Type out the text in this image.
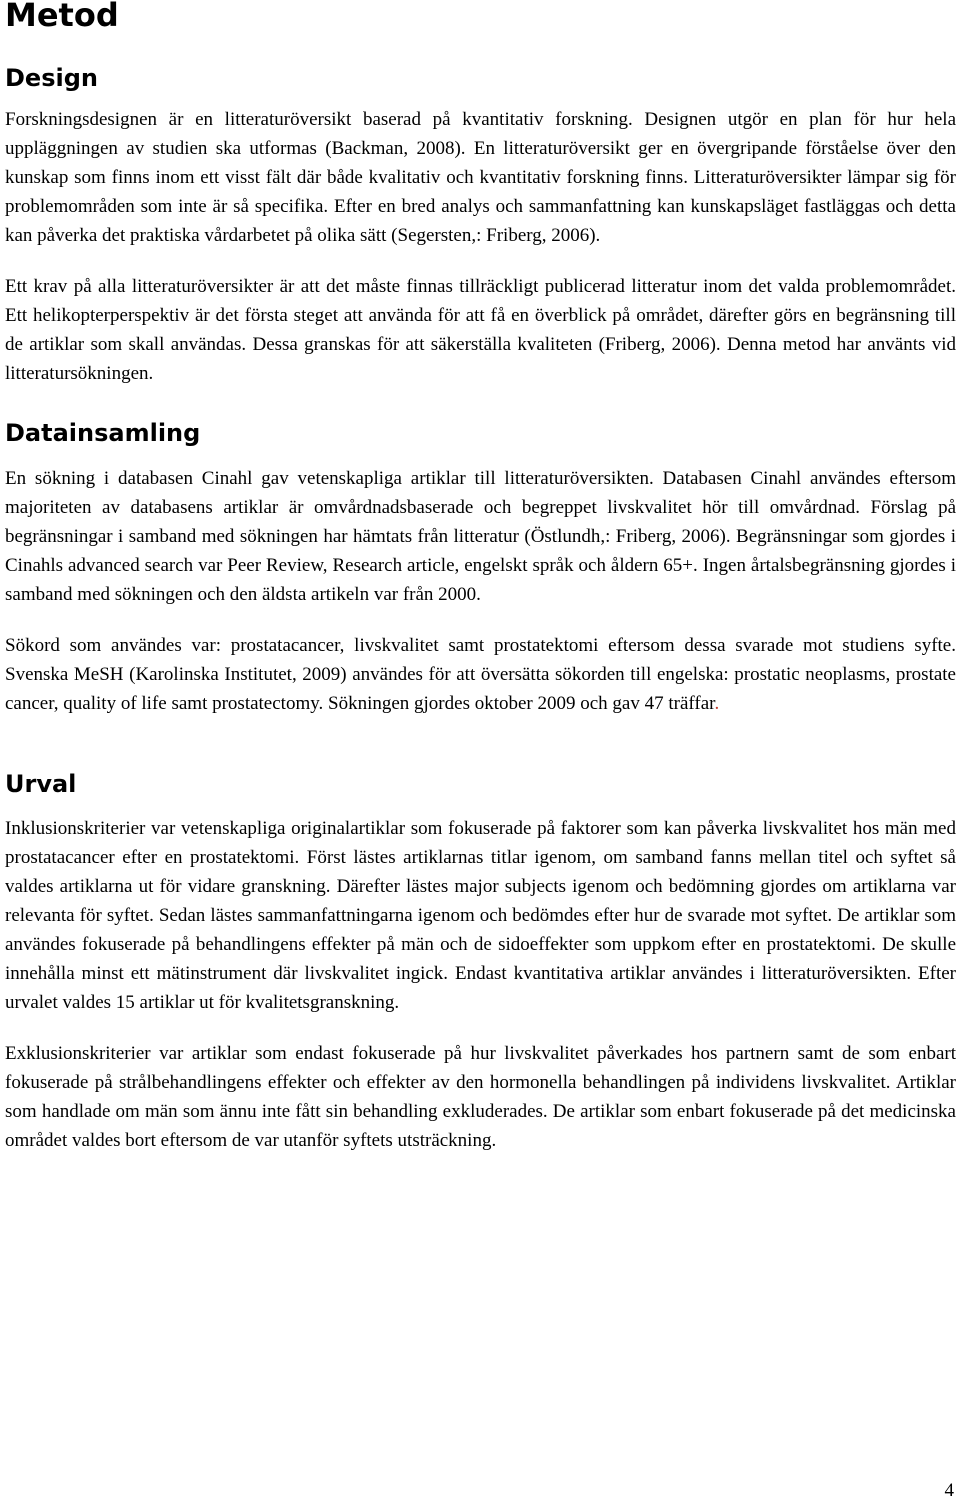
Metod
Design

Forskningsdesignen är en litteraturöversikt baserad på kvantitativ forskning. Designen utgör en plan för hur hela uppläggningen av studien ska utformas (Backman, 2008). En litteraturöversikt ger en övergripande förståelse över den kunskap som finns inom ett visst fält där både kvalitativ och kvantitativ forskning finns. Litteraturöversikter lämpar sig för problemområden som inte är så specifika. Efter en bred analys och sammanfattning kan kunskapsläget fastläggas och detta kan påverka det praktiska vårdarbetet på olika sätt (Segersten,: Friberg, 2006).

Ett krav på alla litteraturöversikter är att det måste finnas tillräckligt publicerad litteratur inom det valda problemområdet. Ett helikopterperspektiv är det första steget att använda för att få en överblick på området, därefter görs en begränsning till de artiklar som skall användas. Dessa granskas för att säkerställa kvaliteten (Friberg, 2006). Denna metod har använts vid litteratursökningen.

Datainsamling

En sökning i databasen Cinahl gav vetenskapliga artiklar till litteraturöversikten. Databasen Cinahl användes eftersom majoriteten av databasens artiklar är omvårdnadsbaserade och begreppet livskvalitet hör till omvårdnad. Förslag på begränsningar i samband med sökningen har hämtats från litteratur (Östlundh,: Friberg, 2006). Begränsningar som gjordes i Cinahls advanced search var Peer Review, Research article, engelskt språk och åldern 65+. Ingen årtalsbegränsning gjordes i samband med sökningen och den äldsta artikeln var från 2000.

Sökord som användes var: prostatacancer, livskvalitet samt prostatektomi eftersom dessa svarade mot studiens syfte. Svenska MeSH (Karolinska Institutet, 2009) användes för att översätta sökorden till engelska: prostatic neoplasms, prostate cancer, quality of life samt prostatectomy. Sökningen gjordes oktober 2009 och gav 47 träffar.

Urval

Inklusionskriterier var vetenskapliga originalartiklar som fokuserade på faktorer som kan påverka livskvalitet hos män med prostatacancer efter en prostatektomi. Först lästes artiklarnas titlar igenom, om samband fanns mellan titel och syftet så valdes artiklarna ut för vidare granskning. Därefter lästes major subjects igenom och bedömning gjordes om artiklarna var relevanta för syftet. Sedan lästes sammanfattningarna igenom och bedömdes efter hur de svarade mot syftet. De artiklar som användes fokuserade på behandlingens effekter på män och de sidoeffekter som uppkom efter en prostatektomi. De skulle innehålla minst ett mätinstrument där livskvalitet ingick. Endast kvantitativa artiklar användes i litteraturöversikten. Efter urvalet valdes 15 artiklar ut för kvalitetsgranskning.

Exklusionskriterier var artiklar som endast fokuserade på hur livskvalitet påverkades hos partnern samt de som enbart fokuserade på strålbehandlingens effekter och effekter av den hormonella behandlingen på individens livskvalitet. Artiklar som handlade om män som ännu inte fått sin behandling exkluderades. De artiklar som enbart fokuserade på det medicinska området valdes bort eftersom de var utanför syftets utsträckning.

4
